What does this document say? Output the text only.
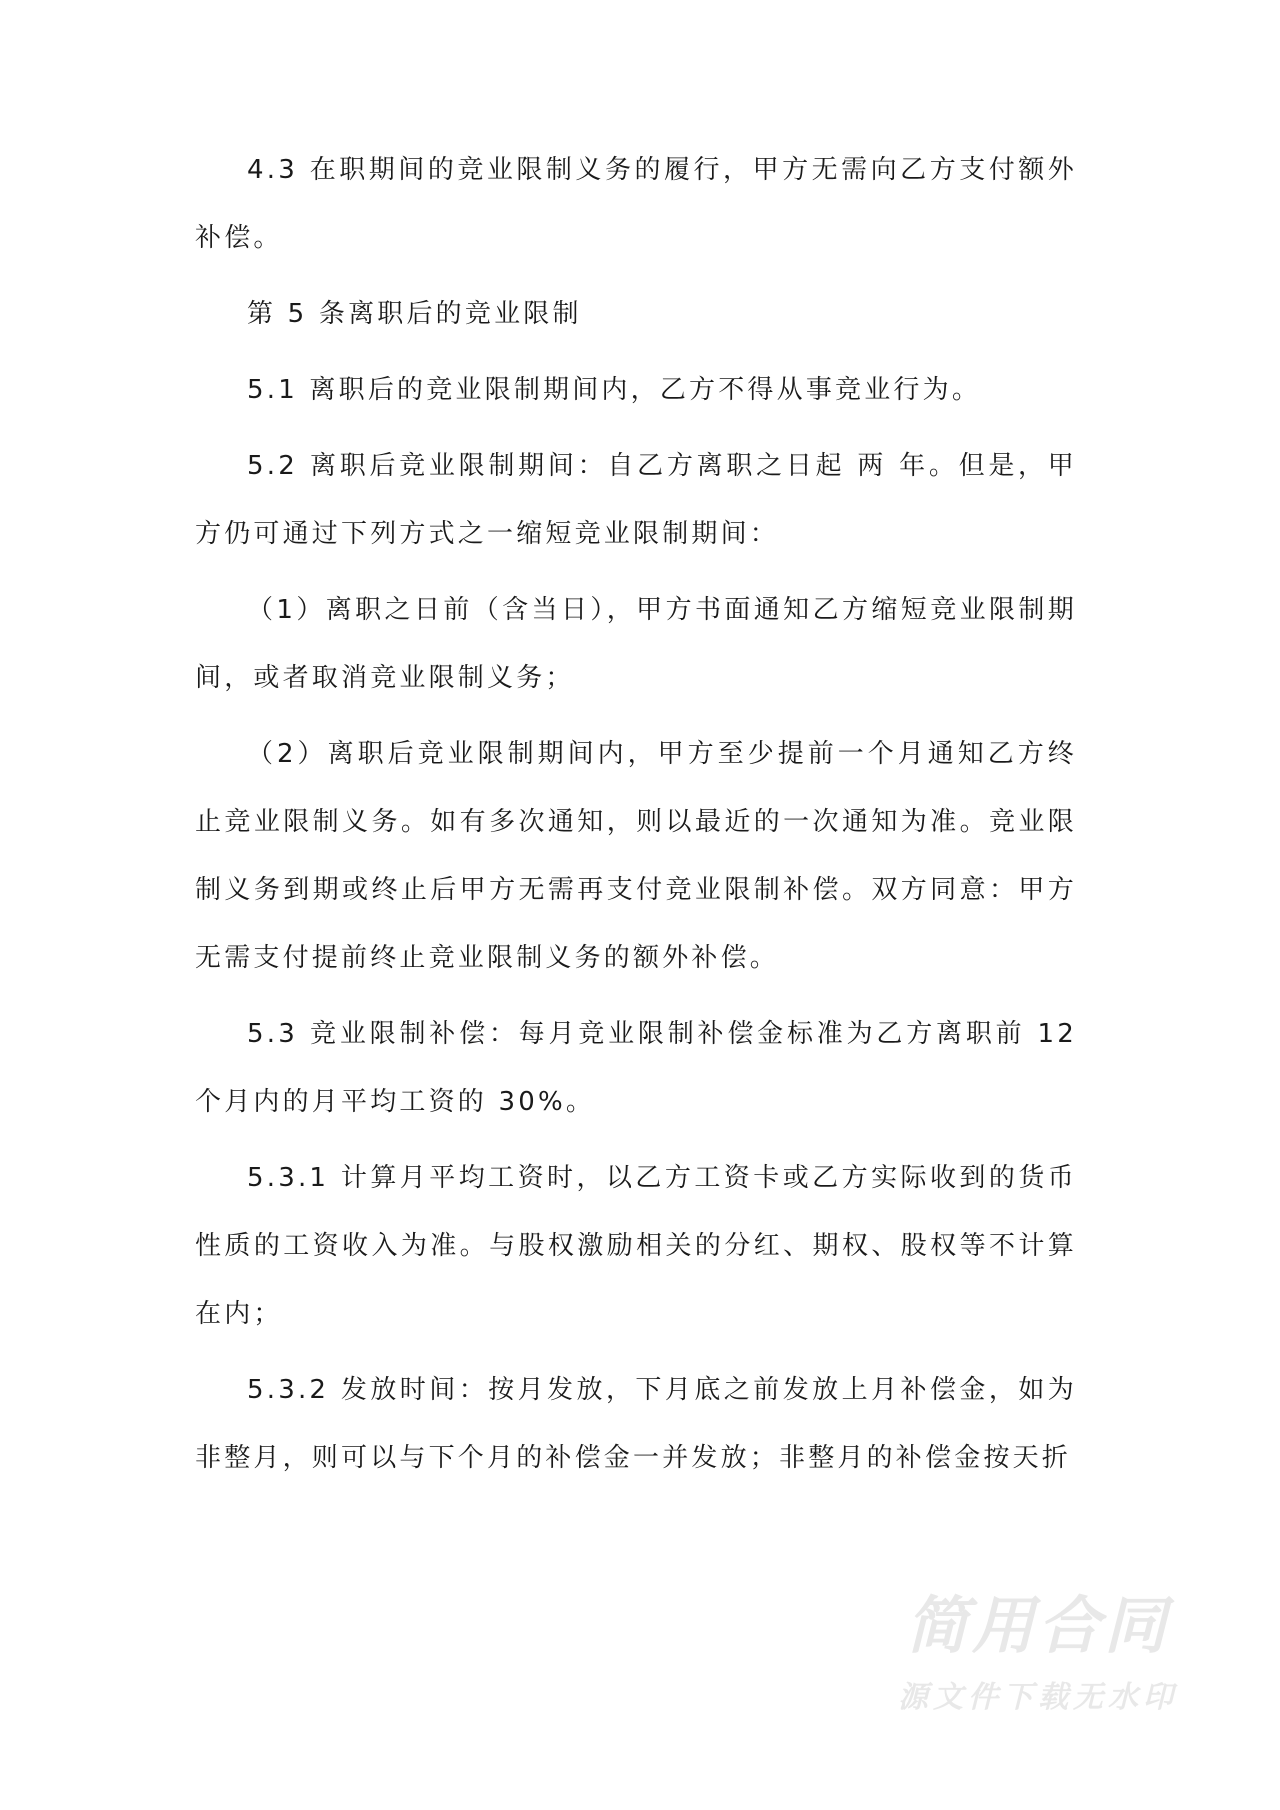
4.3 在职期间的竞业限制义务的履行，甲方无需向乙方支付额外补偿。

第 5 条离职后的竞业限制

5.1 离职后的竞业限制期间内，乙方不得从事竞业行为。

5.2 离职后竞业限制期间：自乙方离职之日起 两 年。但是，甲方仍可通过下列方式之一缩短竞业限制期间：

（1）离职之日前（含当日），甲方书面通知乙方缩短竞业限制期间，或者取消竞业限制义务；

（2）离职后竞业限制期间内，甲方至少提前一个月通知乙方终止竞业限制义务。如有多次通知，则以最近的一次通知为准。竞业限制义务到期或终止后甲方无需再支付竞业限制补偿。双方同意：甲方无需支付提前终止竞业限制义务的额外补偿。

5.3 竞业限制补偿：每月竞业限制补偿金标准为乙方离职前 12 个月内的月平均工资的 30%。

5.3.1 计算月平均工资时，以乙方工资卡或乙方实际收到的货币性质的工资收入为准。与股权激励相关的分红、期权、股权等不计算在内；

5.3.2 发放时间：按月发放，下月底之前发放上月补偿金，如为非整月，则可以与下个月的补偿金一并发放；非整月的补偿金按天折

简用合同
源文件下载无水印
